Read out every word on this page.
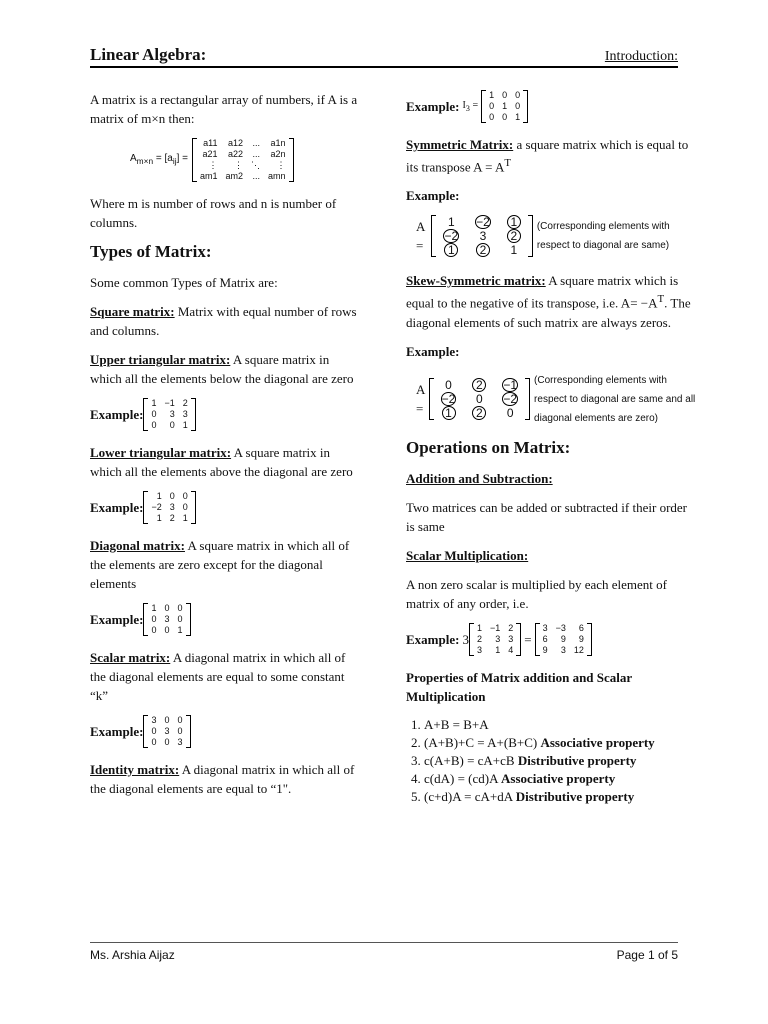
Linear Algebra:	Introduction:

A matrix is a rectangular array of numbers, if A is a matrix of m×n then:

$A_{m\times n} = [a_{ij}]$ =
a11	a12	...	a1n
a21	a22	...	a2n
⋮	⋮	⋱	⋮
am1	am2	...	amn

Where m is number of rows and n is number of columns.

Types of Matrix:

Some common Types of Matrix are:

Square matrix: Matrix with equal number of rows and columns.

Upper triangular matrix: A square matrix in which all the elements below the diagonal are zero

Example:
1	−1	2
0	3	3
0	0	1

Lower triangular matrix: A square matrix in which all the elements above the diagonal are zero

Example:
1	0	0
−2	3	0
1	2	1

Diagonal matrix: A square matrix in which all of the elements are zero except for the diagonal elements

Example:
1	0	0
0	3	0
0	0	1

Scalar matrix: A diagonal matrix in which all of the diagonal elements are equal to some constant “k”

Example:
3	0	0
0	3	0
0	0	3

Identity matrix: A diagonal matrix in which all of the diagonal elements are equal to “1".

Example: $I_3$ =
1	0	0
0	1	0
0	0	1

Symmetric Matrix: a square matrix which is equal to its transpose $A = A^T$

Example:

A =
1	−2	1
−2	3	2
1	2	1
(Corresponding elements with respect to diagonal are same)

Skew-Symmetric matrix: A square matrix which is equal to the negative of its transpose, i.e. $A= -A^T$. The diagonal elements of such matrix are always zeros.

Example:

A =
0	2	−1
−2	0	−2
1	2	0
(Corresponding elements with respect to diagonal are same and all diagonal elements are zero)
Operations on Matrix:

Addition and Subtraction:

Two matrices can be added or subtracted if their order is same

Scalar Multiplication:

A non zero scalar is multiplied by each element of matrix of any order, i.e.

Example: 3
1	−1	2
2	3	3
3	1	4
=
3	−3	6
6	9	9
9	3	12

Properties of Matrix addition and Scalar Multiplication

1. A+B = B+A
2. (A+B)+C = A+(B+C) Associative property
3. c(A+B) = cA+cB Distributive property
4. c(dA) = (cd)A Associative property
5. (c+d)A = cA+dA Distributive property
Ms. Arshia Aijaz	Page 1 of 5
